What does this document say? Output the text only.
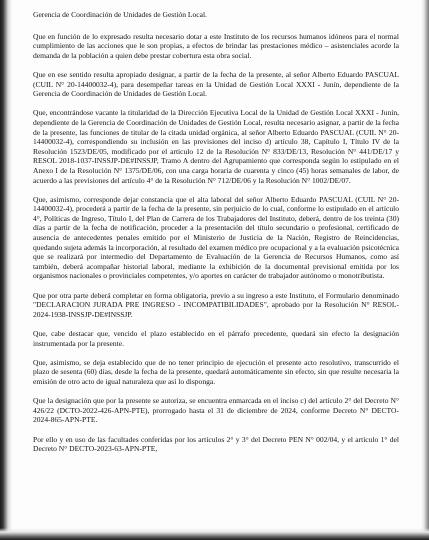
Gerencia de Coordinación de Unidades de Gestión Local.

Que en función de lo expresado resulta necesario dotar a este Instituto de los recursos humanos idóneos para el normal cumplimiento de las acciones que le son propias, a efectos de brindar las prestaciones médico – asistenciales acorde la demanda de la población a quien debe prestar cobertura esta obra social.

Que en ese sentido resulta apropiado designar, a partir de la fecha de la presente, al señor Alberto Eduardo PASCUAL (CUIL N° 20-14400032-4), para desempeñar tareas en la Unidad de Gestión Local XXXI - Junín, dependiente de la Gerencia de Coordinación de Unidades de Gestión Local.

Que, encontrándose vacante la titularidad de la Dirección Ejecutiva Local de la Unidad de Gestión Local XXXI - Junín, dependiente de la Gerencia de Coordinación de Unidades de Gestión Local, resulta necesario asignar, a partir de la fecha de la presente, las funciones de titular de la citada unidad orgánica, al señor Alberto Eduardo PASCUAL (CUIL N° 20-14400032-4), correspondiendo su inclusión en las previsiones del inciso d) artículo 38, Capítulo I, Título IV de la Resolución 1523/DE/05, modificado por el artículo 12 de la Resolución N° 833/DE/13, Resolución N° 441/DE/17 y RESOL 2018-1037-INSSJP-DE#INSSJP, Tramo A dentro del Agrupamiento que corresponda según lo estipulado en el Anexo I de la Resolución N° 1375/DE/06, con una carga horaria de cuarenta y cinco (45) horas semanales de labor, de acuerdo a las previsiones del artículo 4° de la Resolución N° 712/DE/06 y la Resolución N° 1002/DE/07.

Que, asimismo, corresponde dejar constancia que el alta laboral del señor Alberto Eduardo PASCUAL (CUIL N° 20-14400032-4), procederá a partir de la fecha de la presente, sin perjuicio de lo cual, conforme lo estipulado en el artículo 4°, Políticas de Ingreso, Título I, del Plan de Carrera de los Trabajadores del Instituto, deberá, dentro de los treinta (30) días a partir de la fecha de notificación, proceder a la presentación del título secundario o profesional, certificado de ausencia de antecedentes penales emitido por el Ministerio de Justicia de la Nación, Registro de Reincidencias, quedando sujeta además la incorporación, al resultado del examen médico pre ocupacional y a la evaluación psicotécnica que se realizará por intermedio del Departamento de Evaluación de la Gerencia de Recursos Humanos, como así también, deberá acompañar historial laboral, mediante la exhibición de la documental previsional emitida por los organismos nacionales o provinciales competentes, y/o aportes en carácter de trabajador autónomo o monotributista.

Que por otra parte deberá completar en forma obligatoria, previo a su ingreso a este Instituto, el Formulario denominado "DECLARACION JURADA PRE INGRESO - INCOMPATIBILIDADES", aprobado por la Resolución N° RESOL-2024-1938-INSSJP-DE#INSSJP.

Que, cabe destacar que, vencido el plazo establecido en el párrafo precedente, quedará sin efecto la designación instrumentada por la presente.

Que, asimismo, se deja establecido que de no tener principio de ejecución el presente acto resolutivo, transcurrido el plazo de sesenta (60) días, desde la fecha de la presente, quedará automáticamente sin efecto, sin que resulte necesaria la emisión de otro acto de igual naturaleza que así lo disponga.

Que la designación que por la presente se autoriza, se encuentra enmarcada en el inciso c) del artículo 2° del Decreto N° 426/22 (DCTO-2022-426-APN-PTE), prorrogado hasta el 31 de diciembre de 2024, conforme Decreto N° DECTO-2024-865-APN-PTE.

Por ello y en uso de las facultades conferidas por los artículos 2° y 3° del Decreto PEN N° 002/04, y el artículo 1° del Decreto N° DECTO-2023-63-APN-PTE,
